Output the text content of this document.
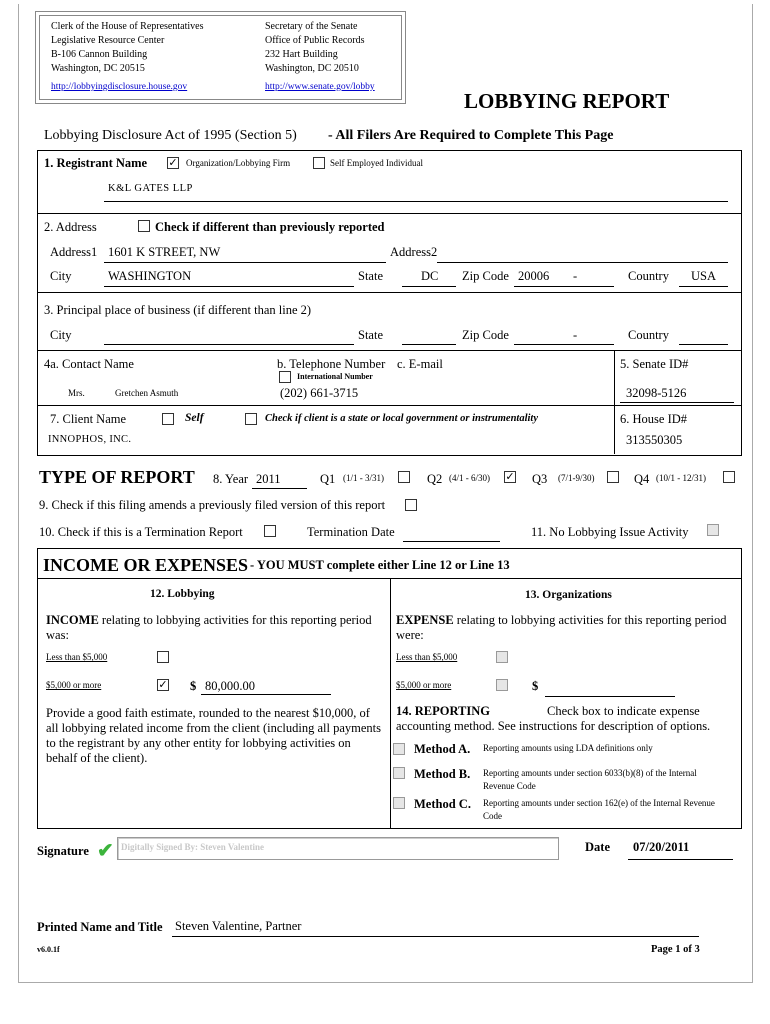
Clerk of the House of Representatives
Legislative Resource Center
B-106 Cannon Building
Washington, DC 20515
http://lobbyingdisclosure.house.gov
Secretary of the Senate
Office of Public Records
232 Hart Building
Washington, DC 20510
http://www.senate.gov/lobby
LOBBYING REPORT
Lobbying Disclosure Act of 1995 (Section 5) - All Filers Are Required to Complete This Page
1. Registrant Name ✓ Organization/Lobbying Firm	Self Employed Individual
K&L GATES LLP
2. Address	Check if different than previously reported
Address1 1601 K STREET, NW	Address2
City	WASHINGTON	State	DC Zip Code 20006 -	Country USA
3. Principal place of business (if different than line 2)
City	State	Zip Code	-	Country
4a. Contact Name	b. Telephone Number c. E-mail
International Number
Mrs.	Gretchen Asmuth	(202) 661-3715
5. Senate ID#
32098-5126
7. Client Name	Self	Check if client is a state or local government or instrumentality
INNOPHOS, INC.
6. House ID#
313550305
TYPE OF REPORT 8. Year 2011	Q1 (1/1 - 3/31)	Q2 (4/1 - 6/30) ✓ Q3 (7/1-9/30)	Q4 (10/1 - 12/31)
9. Check if this filing amends a previously filed version of this report
10. Check if this is a Termination Report	Termination Date	11. No Lobbying Issue Activity
INCOME OR EXPENSES - YOU MUST complete either Line 12 or Line 13
12. Lobbying	13. Organizations
INCOME relating to lobbying activities for this reporting period was:
EXPENSE relating to lobbying activities for this reporting period were:
Less than $5,000
$5,000 or more	✓ $ 80,000.00
Less than $5,000
$5,000 or more	$
Provide a good faith estimate, rounded to the nearest $10,000, of all lobbying related income from the client (including all payments to the registrant by any other entity for lobbying activities on behalf of the client).
14. REPORTING	Check box to indicate expense
accounting method. See instructions for description of options.
Method A. Reporting amounts using LDA definitions only
Method B. Reporting amounts under section 6033(b)(8) of the Internal Revenue Code
Method C. Reporting amounts under section 162(e) of the Internal Revenue Code
Signature ✔ Digitally Signed By: Steven Valentine	Date 07/20/2011
Printed Name and Title Steven Valentine, Partner
v6.0.1f	Page 1 of 3
